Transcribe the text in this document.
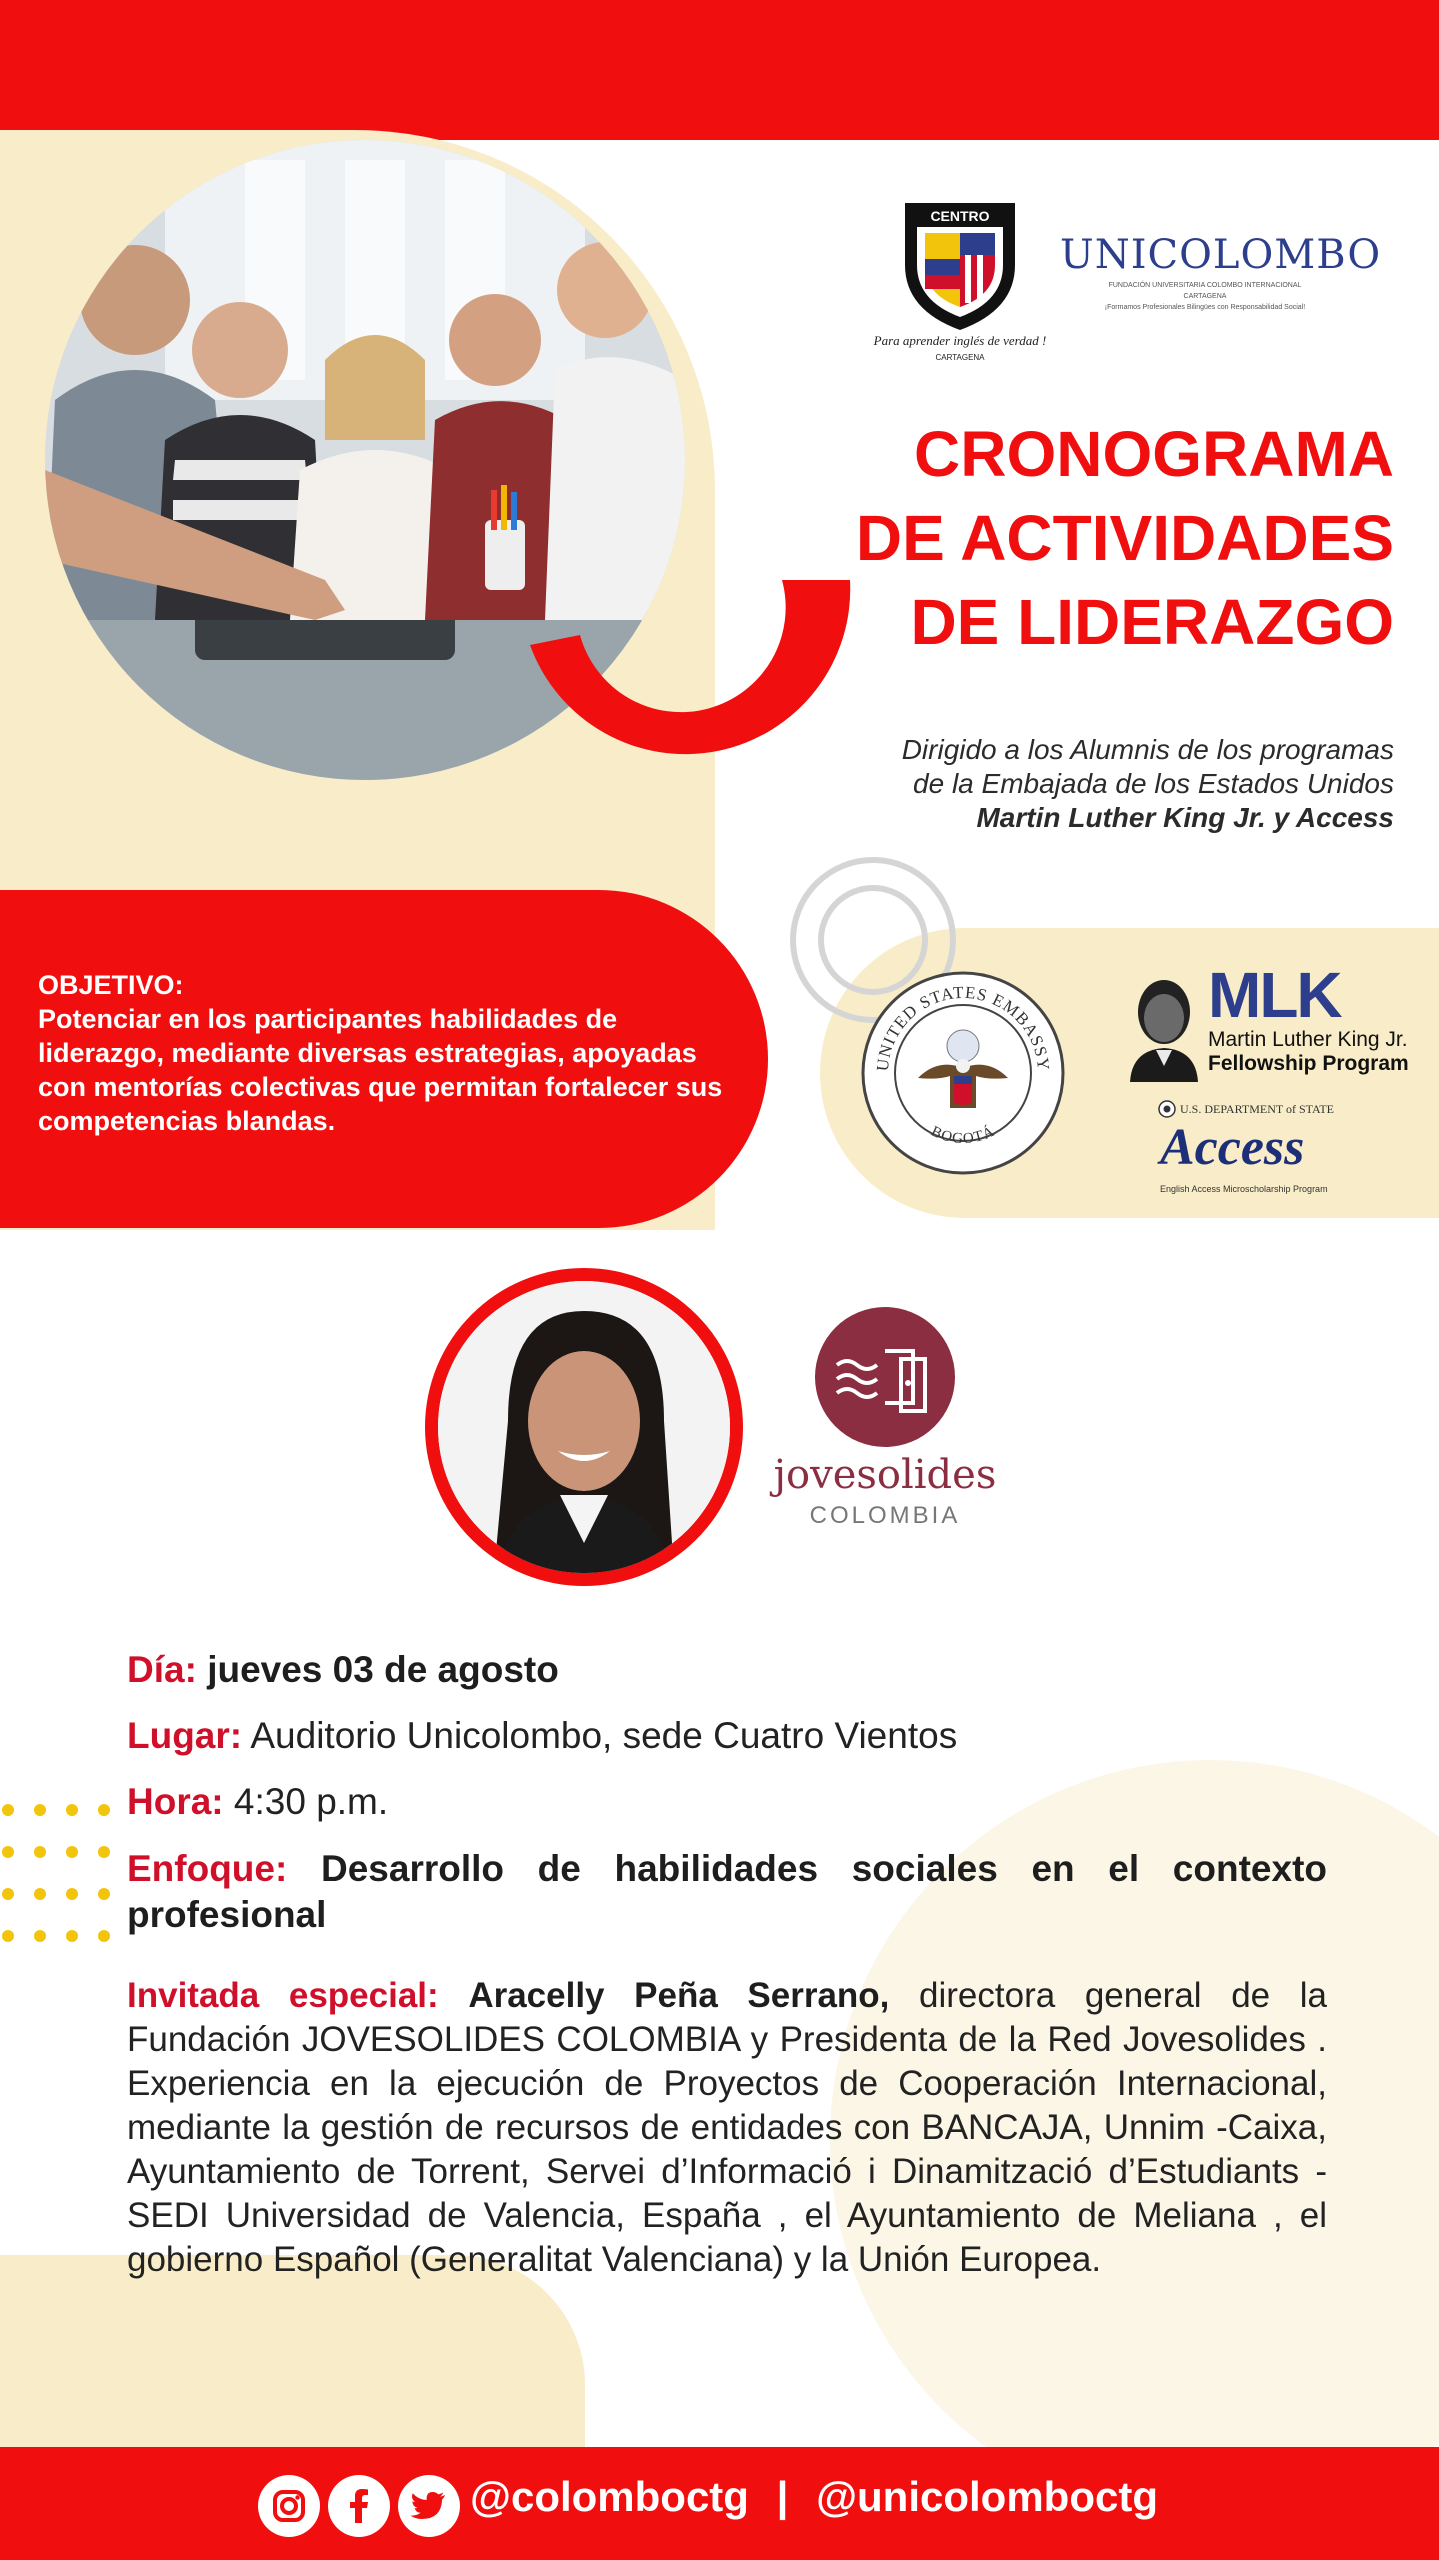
CENTRO
Para aprender inglés de verdad !
CARTAGENA
UNICOLOMBO
FUNDACIÓN UNIVERSITARIA COLOMBO INTERNACIONAL
CARTAGENA
¡Formamos Profesionales Bilingües con Responsabilidad Social!
CRONOGRAMA
DE ACTIVIDADES
DE LIDERAZGO
Dirigido a los Alumnis de los programas
de la Embajada de los Estados Unidos
Martin Luther King Jr. y Access
OBJETIVO:
Potenciar en los participantes habilidades de liderazgo, mediante diversas estrategias, apoyadas con mentorías colectivas que permitan fortalecer sus competencias blandas.
UNITED STATES EMBASSY
BOGOTÁ
MLK
Martin Luther King Jr.
Fellowship Program
U.S. DEPARTMENT of STATE
Access
English Access Microscholarship Program
jovesolides
COLOMBIA
Día: jueves 03 de agosto
Lugar: Auditorio Unicolombo, sede Cuatro Vientos
Hora: 4:30 p.m.
Enfoque: Desarrollo de habilidades sociales en el contexto profesional
Invitada especial: Aracelly Peña Serrano, directora general de la Fundación JOVESOLIDES COLOMBIA y Presidenta de la Red Jovesolides . Experiencia en la ejecución de Proyectos de Cooperación Internacional, mediante la gestión de recursos de entidades con BANCAJA, Unnim -Caixa, Ayuntamiento de Torrent, Servei d’Informació i Dinamització d’Estudiants -SEDI Universidad de Valencia, España , el Ayuntamiento de Meliana , el gobierno Español (Generalitat Valenciana) y la Unión Europea.
@colomboctg | @unicolomboctg
